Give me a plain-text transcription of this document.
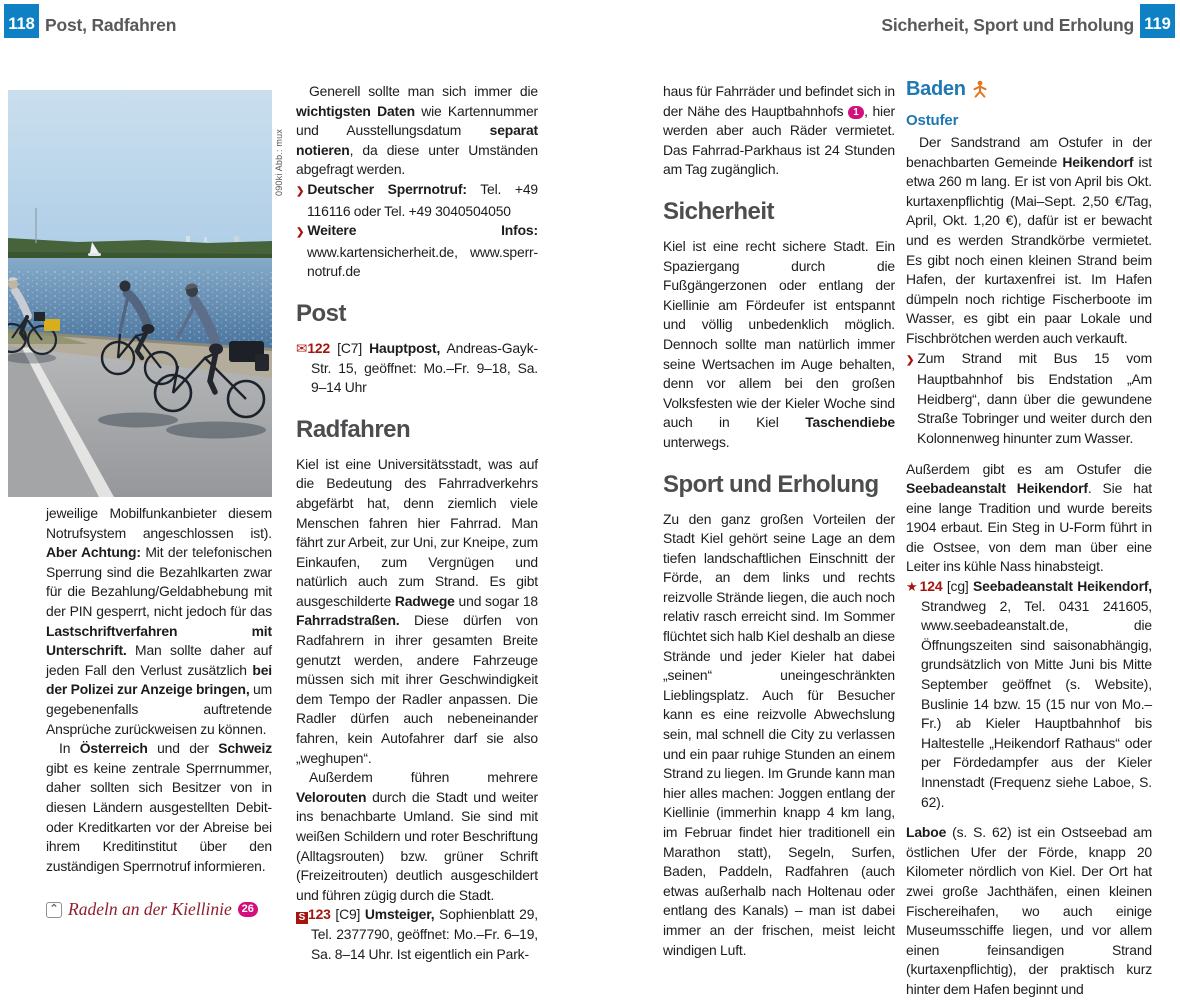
118 Post, Radfahren	Sicherheit, Sport und Erholung 119
090ki Abb.: mux

jeweilige Mobilfunkanbieter diesem Notrufsystem angeschlossen ist). Aber Achtung: Mit der telefonischen Sperrung sind die Bezahlkarten zwar für die Bezahlung/Geldabhebung mit der PIN gesperrt, nicht jedoch für das Lastschriftverfahren mit Unterschrift. Man sollte daher auf jeden Fall den Verlust zusätzlich bei der Polizei zur Anzeige bringen, um gegebenenfalls auftretende Ansprüche zurückweisen zu können.

In Österreich und der Schweiz gibt es keine zentrale Sperrnummer, daher sollten sich Besitzer von in diesen Ländern ausgestellten Debit- oder Kreditkarten vor der Abreise bei ihrem Kreditinstitut über den zuständigen Sperrnotruf informieren.

⌃ Radeln an der Kiellinie 26

Generell sollte man sich immer die wichtigsten Daten wie Kartennummer und Ausstellungsdatum separat notieren, da diese unter Umständen abgefragt werden.

❯ Deutscher Sperrnotruf: Tel. +49 116116 oder Tel. +49 3040504050

❯ Weitere Infos: www.kartensicherheit.de, www.sperr-notruf.de

Post

✉122 [C7] Hauptpost, Andreas-Gayk-Str. 15, geöffnet: Mo.–Fr. 9–18, Sa. 9–14 Uhr

Radfahren

Kiel ist eine Universitätsstadt, was auf die Bedeutung des Fahrradverkehrs abgefärbt hat, denn ziemlich viele Menschen fahren hier Fahrrad. Man fährt zur Arbeit, zur Uni, zur Kneipe, zum Einkaufen, zum Vergnügen und natürlich auch zum Strand. Es gibt ausgeschilderte Radwege und sogar 18 Fahrradstraßen. Diese dürfen von Radfahrern in ihrer gesamten Breite genutzt werden, andere Fahrzeuge müssen sich mit ihrer Geschwindigkeit dem Tempo der Radler anpassen. Die Radler dürfen auch nebeneinander fahren, kein Autofahrer darf sie also „weghupen“.

Außerdem führen mehrere Velorouten durch die Stadt und weiter ins benachbarte Umland. Sie sind mit weißen Schildern und roter Beschriftung (Alltagsrouten) bzw. grüner Schrift (Freizeitrouten) deutlich ausgeschildert und führen zügig durch die Stadt.

S 123 [C9] Umsteiger, Sophienblatt 29, Tel. 2377790, geöffnet: Mo.–Fr. 6–19, Sa. 8–14 Uhr. Ist eigentlich ein Park-

haus für Fahrräder und befindet sich in der Nähe des Hauptbahnhofs 1 , hier werden aber auch Räder vermietet. Das Fahrrad-Parkhaus ist 24 Stunden am Tag zugänglich.

Sicherheit

Kiel ist eine recht sichere Stadt. Ein Spaziergang durch die Fußgängerzonen oder entlang der Kiellinie am Fördeufer ist entspannt und völlig unbedenklich möglich. Dennoch sollte man natürlich immer seine Wertsachen im Auge behalten, denn vor allem bei den großen Volksfesten wie der Kieler Woche sind auch in Kiel Taschendiebe unterwegs.

Sport und Erholung

Zu den ganz großen Vorteilen der Stadt Kiel gehört seine Lage an dem tiefen landschaftlichen Einschnitt der Förde, an dem links und rechts reizvolle Strände liegen, die auch noch relativ rasch erreicht sind. Im Sommer flüchtet sich halb Kiel deshalb an diese Strände und jeder Kieler hat dabei „seinen“ uneingeschränkten Lieblingsplatz. Auch für Besucher kann es eine reizvolle Abwechslung sein, mal schnell die City zu verlassen und ein paar ruhige Stunden an einem Strand zu liegen. Im Grunde kann man hier alles machen: Joggen entlang der Kiellinie (immerhin knapp 4 km lang, im Februar findet hier traditionell ein Marathon statt), Segeln, Surfen, Baden, Paddeln, Radfahren (auch etwas außerhalb nach Holtenau oder entlang des Kanals) – man ist dabei immer an der frischen, meist leicht windigen Luft.

Baden
Ostufer

Der Sandstrand am Ostufer in der benachbarten Gemeinde Heikendorf ist etwa 260 m lang. Er ist von April bis Okt. kurtaxenpflichtig (Mai–Sept. 2,50 €/Tag, April, Okt. 1,20 €), dafür ist er bewacht und es werden Strandkörbe vermietet. Es gibt noch einen kleinen Strand beim Hafen, der kurtaxenfrei ist. Im Hafen dümpeln noch richtige Fischerboote im Wasser, es gibt ein paar Lokale und Fischbrötchen werden auch verkauft.

❯ Zum Strand mit Bus 15 vom Hauptbahnhof bis Endstation „Am Heidberg“, dann über die gewundene Straße Tobringer und weiter durch den Kolonnenweg hinunter zum Wasser.

Außerdem gibt es am Ostufer die Seebadeanstalt Heikendorf. Sie hat eine lange Tradition und wurde bereits 1904 erbaut. Ein Steg in U-Form führt in die Ostsee, von dem man über eine Leiter ins kühle Nass hinabsteigt.

★124 [cg] Seebadeanstalt Heikendorf, Strandweg 2, Tel. 0431 241605, www.seebadeanstalt.de, die Öffnungszeiten sind saisonabhängig, grundsätzlich von Mitte Juni bis Mitte September geöffnet (s. Website), Buslinie 14 bzw. 15 (15 nur von Mo.–Fr.) ab Kieler Hauptbahnhof bis Haltestelle „Heikendorf Rathaus“ oder per Fördedampfer aus der Kieler Innenstadt (Frequenz siehe Laboe, S. 62).

Laboe (s. S. 62) ist ein Ostseebad am östlichen Ufer der Förde, knapp 20 Kilometer nördlich von Kiel. Der Ort hat zwei große Jachthäfen, einen kleinen Fischereihafen, wo auch einige Museumsschiffe liegen, und vor allem einen feinsandigen Strand (kurtaxenpflichtig), der praktisch kurz hinter dem Hafen beginnt und
